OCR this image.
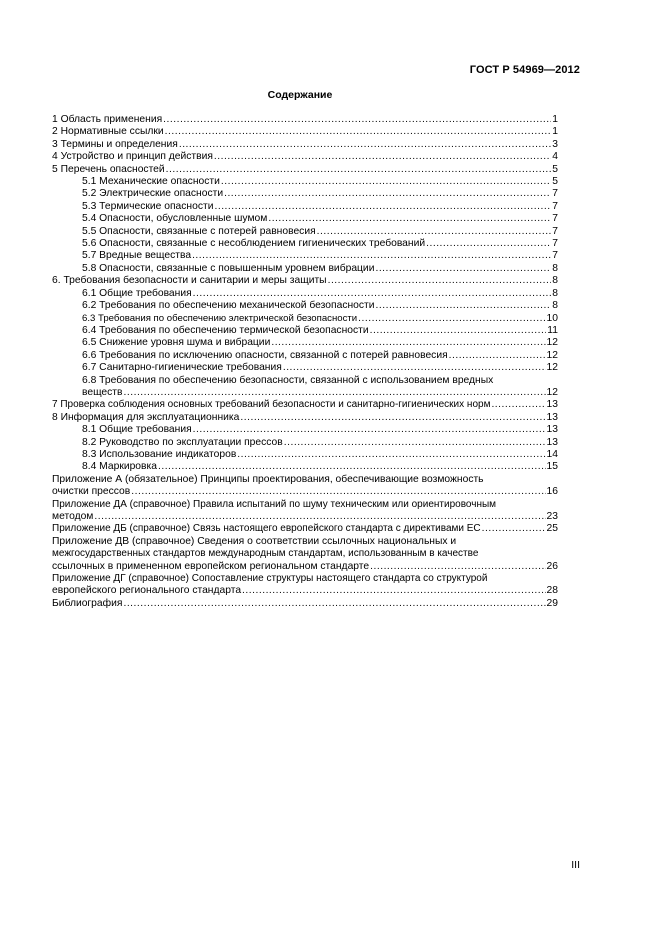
ГОСТ Р 54969—2012
Содержание
1 Область применения .....	1
2 Нормативные ссылки .....	1
3 Термины и определения .....	3
4 Устройство и принцип действия .....	4
5 Перечень опасностей .....	5
5.1 Механические опасности .....	5
5.2 Электрические опасности .....	7
5.3 Термические опасности .....	7
5.4 Опасности, обусловленные шумом .....	7
5.5 Опасности, связанные с потерей равновесия .....	7
5.6 Опасности, связанные с несоблюдением гигиенических требований .....	7
5.7 Вредные вещества .....	7
5.8 Опасности, связанные с повышенным уровнем вибрации .....	8
6. Требования безопасности и санитарии и меры защиты .....	8
6.1 Общие требования .....	8
6.2 Требования по обеспечению механической безопасности .....	8
6.3 Требования по обеспечению электрической безопасности .....	10
6.4 Требования по обеспечению термической безопасности .....	11
6.5 Снижение уровня шума и вибрации .....	12
6.6 Требования по исключению опасности, связанной с потерей равновесия .....	12
6.7 Санитарно-гигиенические требования .....	12
6.8 Требования по обеспечению безопасности, связанной с использованием вредных
веществ .....	12
7 Проверка соблюдения основных требований безопасности и санитарно-гигиенических норм .....	13
8 Информация для эксплуатационника .....	13
8.1 Общие требования .....	13
8.2 Руководство по эксплуатации прессов .....	13
8.3 Использование индикаторов .....	14
8.4 Маркировка .....	15
Приложение А (обязательное) Принципы проектирования, обеспечивающие возможность
очистки прессов .....	16
Приложение ДА (справочное) Правила испытаний по шуму техническим или ориентировочным
методом .....	23
Приложение ДБ (справочное) Связь настоящего европейского стандарта с директивами ЕС .....	25
Приложение ДВ (справочное) Сведения о соответствии ссылочных национальных и
межгосударственных стандартов международным стандартам, использованным в качестве
ссылочных в примененном европейском региональном стандарте .....	26
Приложение ДГ (справочное) Сопоставление структуры настоящего стандарта со структурой
европейского регионального стандарта .....	28
Библиография .....	29
III
